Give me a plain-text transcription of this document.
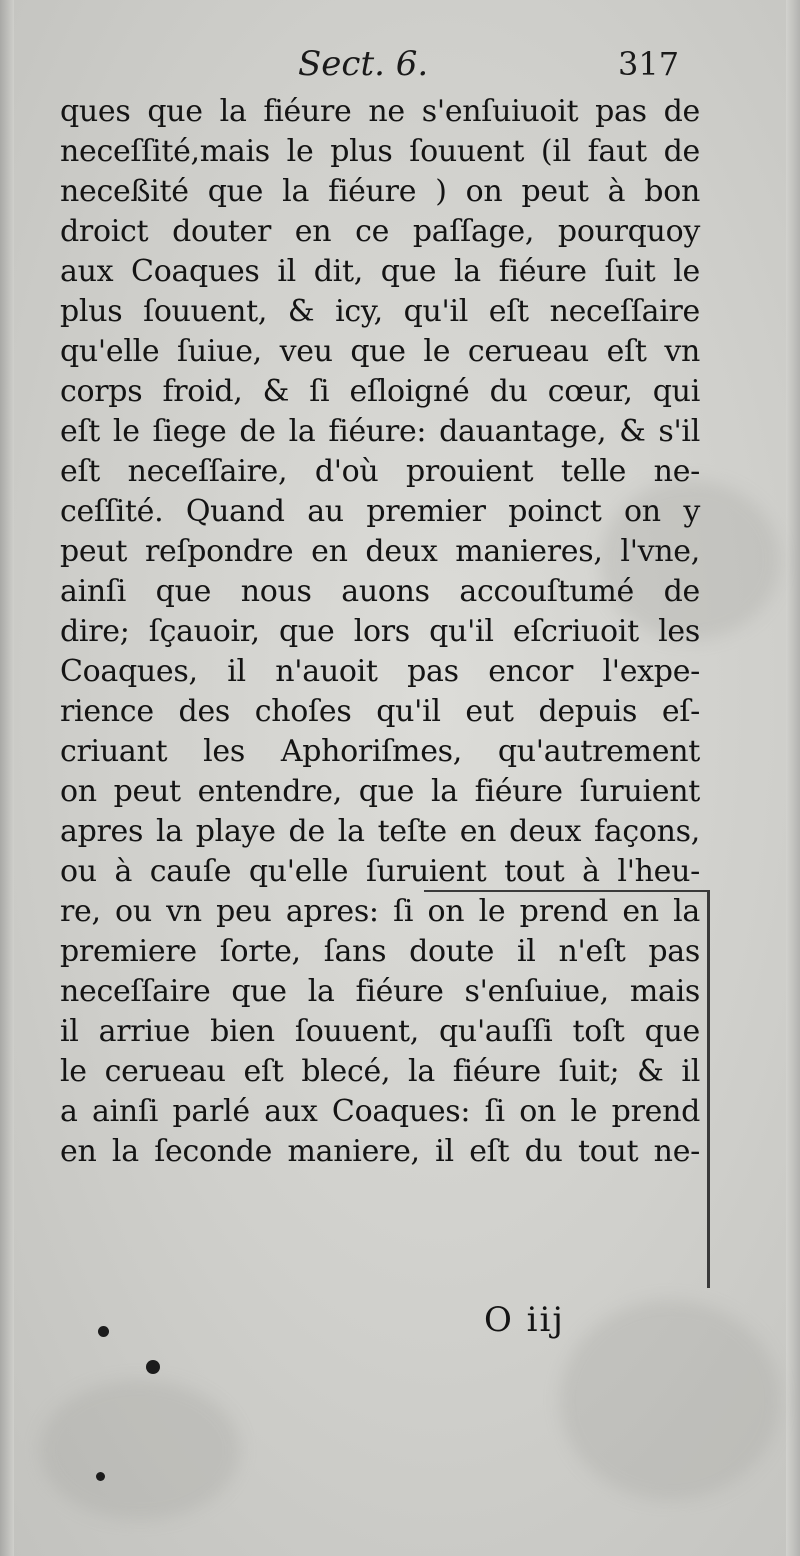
Sect. 6.	317
ques que la fiéure ne s'enſuiuoit pas de
neceſſité,mais le plus ſouuent (il faut de
neceßité que la fiéure ) on peut à bon
droict douter en ce paſſage, pourquoy
aux Coaques il dit, que la fiéure ſuit le
plus ſouuent, & icy, qu'il eſt neceſſaire
qu'elle ſuiue, veu que le cerueau eſt vn
corps froid, & ſi eſloigné du cœur, qui
eſt le ſiege de la fiéure: dauantage, & s'il
eſt neceſſaire, d'où prouient telle ne-
ceſſité. Quand au premier poinct on y
peut reſpondre en deux manieres, l'vne,
ainſi que nous auons accouſtumé de
dire; ſçauoir, que lors qu'il eſcriuoit les
Coaques, il n'auoit pas encor l'expe-
rience des choſes qu'il eut depuis eſ-
criuant les Aphoriſmes, qu'autrement
on peut entendre, que la fiéure ſuruient
apres la playe de la teſte en deux façons,
ou à cauſe qu'elle ſuruient tout à l'heu-
re, ou vn peu apres: ſi on le prend en la
premiere ſorte, ſans doute il n'eſt pas
neceſſaire que la fiéure s'enſuiue, mais
il arriue bien ſouuent, qu'auſſi toſt que
le cerueau eſt blecé, la fiéure ſuit; & il
a ainſi parlé aux Coaques: ſi on le prend
en la ſeconde maniere, il eſt du tout ne-
O iij
